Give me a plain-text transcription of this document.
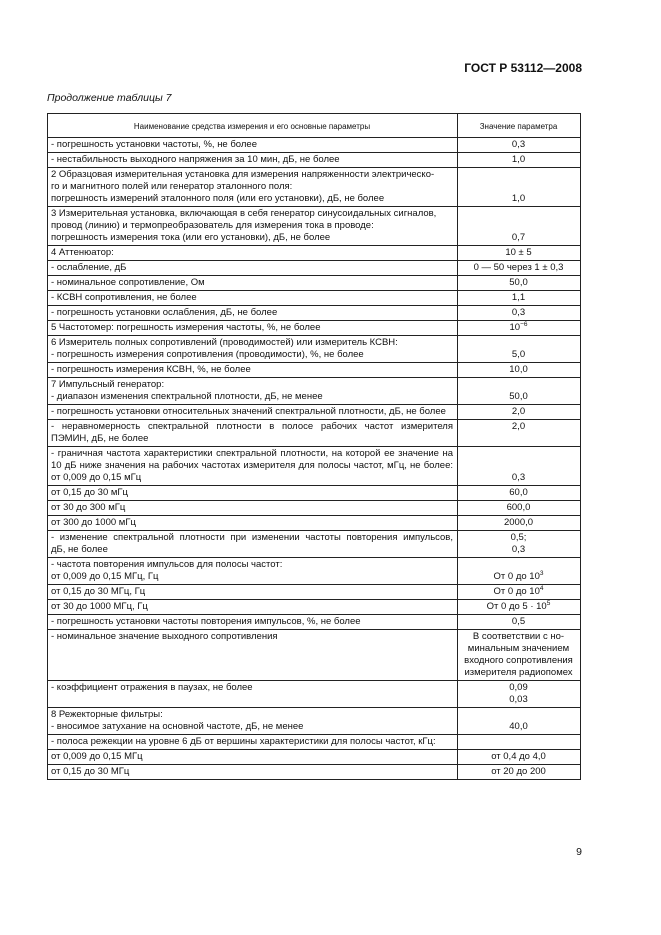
ГОСТ Р 53112—2008
Продолжение таблицы 7
Наименование средства измерения и его основные параметры	Значение параметра

- погрешность установки частоты, %, не более	0,3

- нестабильность выходного напряжения за 10 мин, дБ, не более	1,0

2 Образцовая измерительная установка для измерения напряженности электрическо-
го и магнитного полей или генератор эталонного поля:
погрешность измерений эталонного поля (или его установки), дБ, не более	1,0

3 Измерительная установка, включающая в себя генератор синусоидальных сигналов,
провод (линию) и термопреобразователь для измерения тока в проводе:
погрешность измерения тока (или его установки), дБ, не более	0,7

4 Аттенюатор:	10 ± 5

- ослабление, дБ	0 — 50 через 1 ± 0,3

- номинальное сопротивление, Ом	50,0

- КСВН сопротивления, не более	1,1

- погрешность установки ослабления, дБ, не более	0,3

5 Частотомер: погрешность измерения частоты, %, не более	$10^{-6}$

6 Измеритель полных сопротивлений (проводимостей) или измеритель КСВН:
- погрешность измерения сопротивления (проводимости), %, не более	5,0

- погрешность измерения КСВН, %, не более	10,0

7 Импульсный генератор:
- диапазон изменения спектральной плотности, дБ, не менее	50,0

- погрешность установки относительных значений спектральной плотности, дБ, не более	2,0

- неравномерность спектральной плотности в полосе рабочих частот измерителя
ПЭМИН, дБ, не более	2,0

- граничная частота характеристики спектральной плотности, на которой ее значение на
10 дБ ниже значения на рабочих частотах измерителя для полосы частот, мГц, не более:
от 0,009 до 0,15 мГц	0,3

от 0,15 до 30 мГц	60,0

от 30 до 300 мГц	600,0

от 300 до 1000 мГц	2000,0

- изменение спектральной плотности при изменении частоты повторения импульсов,
дБ, не более	0,5;
0,3

- частота повторения импульсов для полосы частот:
от 0,009 до 0,15 МГц, Гц	От 0 до $10^3$

от 0,15 до 30 МГц, Гц	От 0 до $10^4$

от 30 до 1000 МГц, Гц	От 0 до $5 \cdot 10^5$

- погрешность установки частоты повторения импульсов, %, не более	0,5

- номинальное значение выходного сопротивления	В соответствии с но-
минальным значением
входного сопротивления
измерителя радиопомех

- коэффициент отражения в паузах, не более	0,09
0,03

8 Режекторные фильтры:
- вносимое затухание на основной частоте, дБ, не менее	40,0

- полоса режекции на уровне 6 дБ от вершины характеристики для полосы частот, кГц:	

от 0,009 до 0,15 МГц	от 0,4 до 4,0

от 0,15 до 30 МГц	от 20 до 200
9
